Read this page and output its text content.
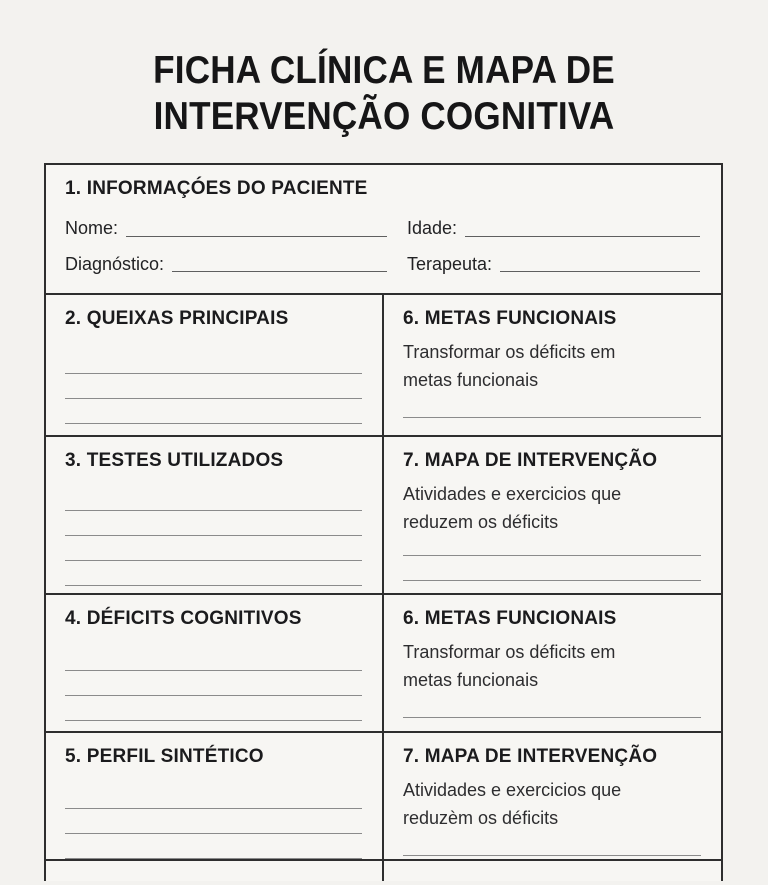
FICHA CLÍNICA E MAPA DE
INTERVENÇÃO COGNITIVA
1. INFORMAÇÓES DO PACIENTE
Nome:	Idade:
Diagnóstico:	Terapeuta:
2. QUEIXAS PRINCIPAIS	6. METAS FUNCIONAIS

Transformar os déficits em metas funcionais

3. TESTES UTILIZADOS	7. MAPA DE INTERVENÇÃO

Atividades e exercicios que reduzem os déficits

4. DÉFICITS COGNITIVOS	6. METAS FUNCIONAIS

Transformar os déficits em metas funcionais

5. PERFIL SINTÉTICO	7. MAPA DE INTERVENÇÃO

Atividades e exercicios que reduzèm os déficits
